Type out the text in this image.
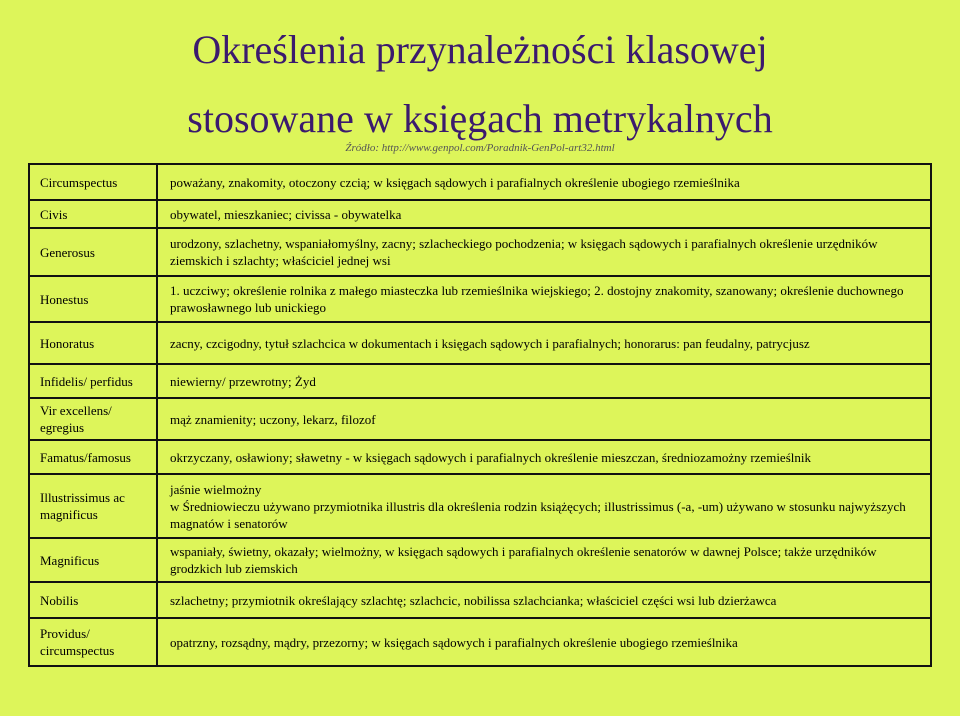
Określenia przynależności klasowej
stosowane w księgach metrykalnych
Źródło: http://www.genpol.com/Poradnik-GenPol-art32.html
Circumspectus	poważany, znakomity, otoczony czcią; w księgach sądowych i parafialnych określenie ubogiego rzemieślnika
Civis	obywatel, mieszkaniec; civissa - obywatelka
Generosus	urodzony, szlachetny, wspaniałomyślny, zacny; szlacheckiego pochodzenia; w księgach sądowych i parafialnych określenie urzędników ziemskich i szlachty; właściciel jednej wsi
Honestus	1. uczciwy; określenie rolnika z małego miasteczka lub rzemieślnika wiejskiego; 2. dostojny znakomity, szanowany; określenie duchownego prawosławnego lub unickiego
Honoratus	zacny, czcigodny, tytuł szlachcica w dokumentach i księgach sądowych i parafialnych; honorarus: pan feudalny, patrycjusz
Infidelis/ perfidus	niewierny/ przewrotny; Żyd
Vir excellens/ egregius	mąż znamienity; uczony, lekarz, filozof
Famatus/famosus	okrzyczany, osławiony; sławetny - w księgach sądowych i parafialnych określenie mieszczan, średniozamożny rzemieślnik
Illustrissimus ac magnificus	jaśnie wielmożny
w Średniowieczu używano przymiotnika illustris dla określenia rodzin książęcych; illustrissimus (-a, -um) używano w stosunku najwyższych magnatów i senatorów

Magnificus	wspaniały, świetny, okazały; wielmożny, w księgach sądowych i parafialnych określenie senatorów w dawnej Polsce; także urzędników grodzkich lub ziemskich
Nobilis	szlachetny; przymiotnik określający szlachtę; szlachcic, nobilissa szlachcianka; właściciel części wsi lub dzierżawca
Providus/ circumspectus	opatrzny, rozsądny, mądry, przezorny; w księgach sądowych i parafialnych określenie ubogiego rzemieślnika
